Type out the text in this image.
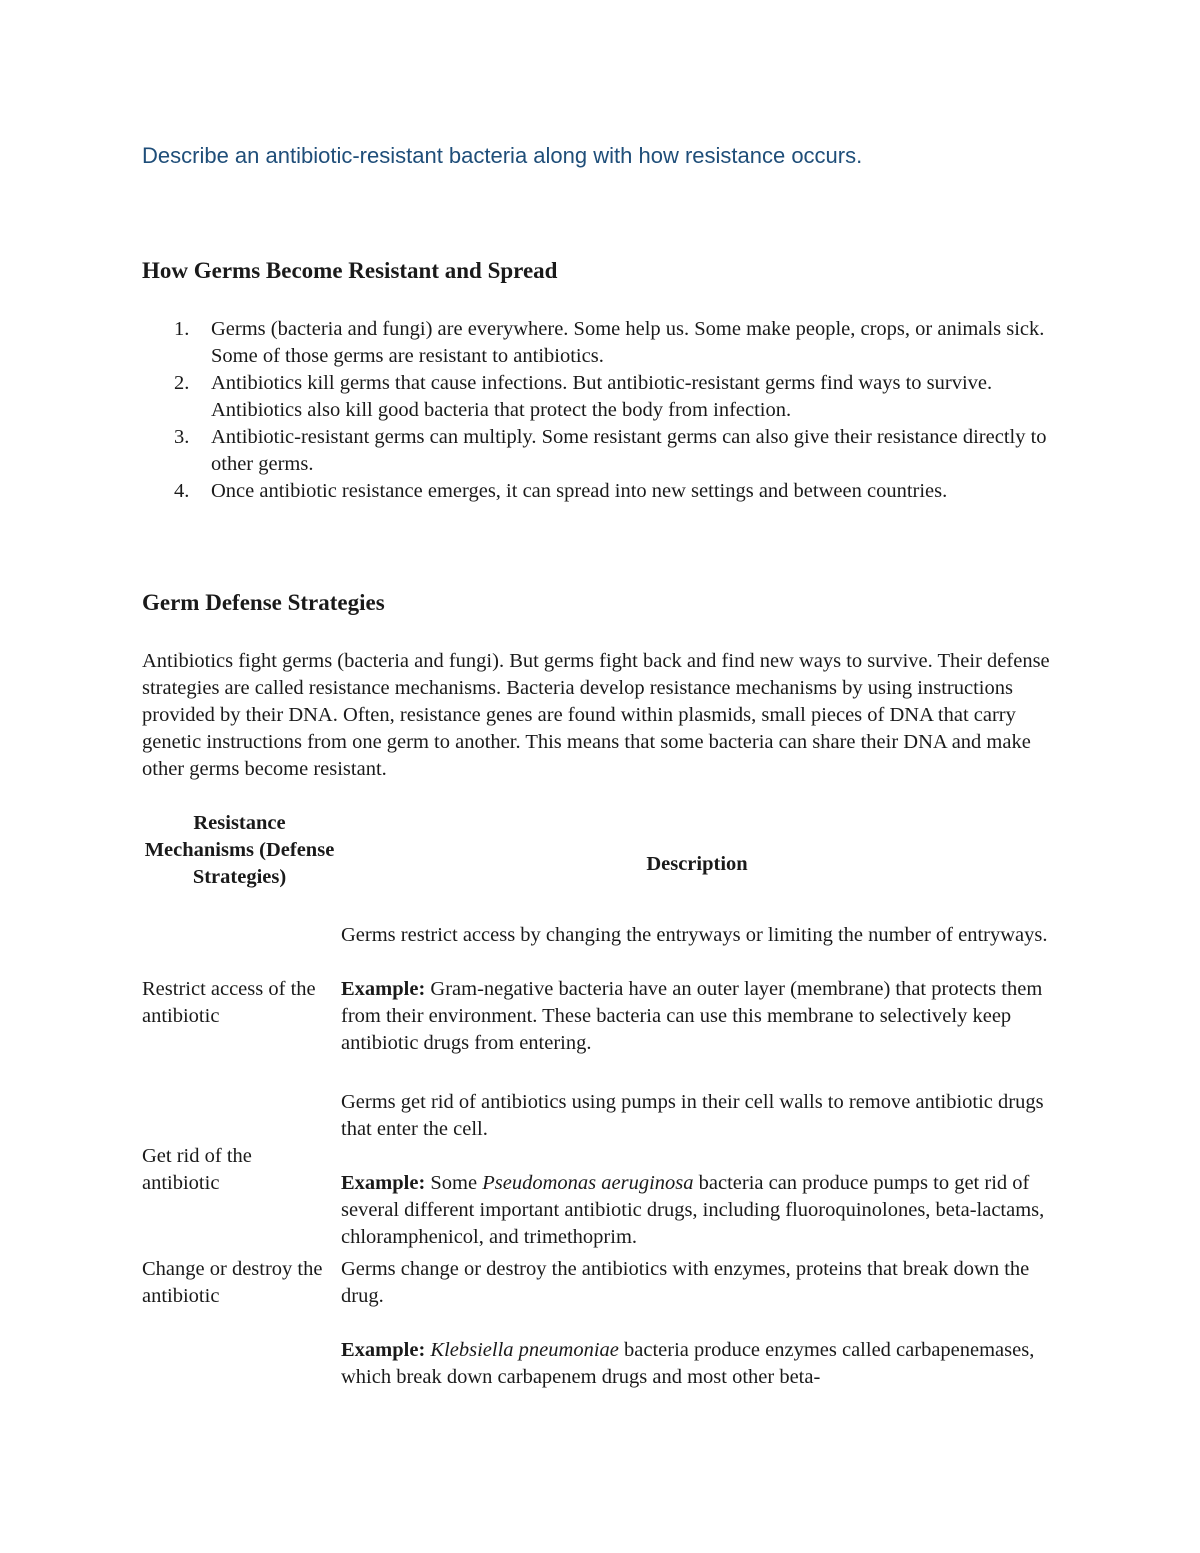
Describe an antibiotic-resistant bacteria along with how resistance occurs.
How Germs Become Resistant and Spread
1. Germs (bacteria and fungi) are everywhere. Some help us. Some make people, crops, or animals sick. Some of those germs are resistant to antibiotics.
2. Antibiotics kill germs that cause infections. But antibiotic-resistant germs find ways to survive. Antibiotics also kill good bacteria that protect the body from infection.
3. Antibiotic-resistant germs can multiply. Some resistant germs can also give their resistance directly to other germs.
4. Once antibiotic resistance emerges, it can spread into new settings and between countries.
Germ Defense Strategies

Antibiotics fight germs (bacteria and fungi). But germs fight back and find new ways to survive. Their defense strategies are called resistance mechanisms. Bacteria develop resistance mechanisms by using instructions provided by their DNA. Often, resistance genes are found within plasmids, small pieces of DNA that carry genetic instructions from one germ to another. This means that some bacteria can share their DNA and make other germs become resistant.

Resistance Mechanisms (Defense Strategies)
Description
Restrict access of the antibiotic

Germs restrict access by changing the entryways or limiting the number of entryways.

Example: Gram-negative bacteria have an outer layer (membrane) that protects them from their environment. These bacteria can use this membrane to selectively keep antibiotic drugs from entering.

Get rid of the antibiotic

Germs get rid of antibiotics using pumps in their cell walls to remove antibiotic drugs that enter the cell.

Example: Some Pseudomonas aeruginosa bacteria can produce pumps to get rid of several different important antibiotic drugs, including fluoroquinolones, beta-lactams, chloramphenicol, and trimethoprim.

Change or destroy the antibiotic

Germs change or destroy the antibiotics with enzymes, proteins that break down the drug.

Example: Klebsiella pneumoniae bacteria produce enzymes called carbapenemases, which break down carbapenem drugs and most other beta-
